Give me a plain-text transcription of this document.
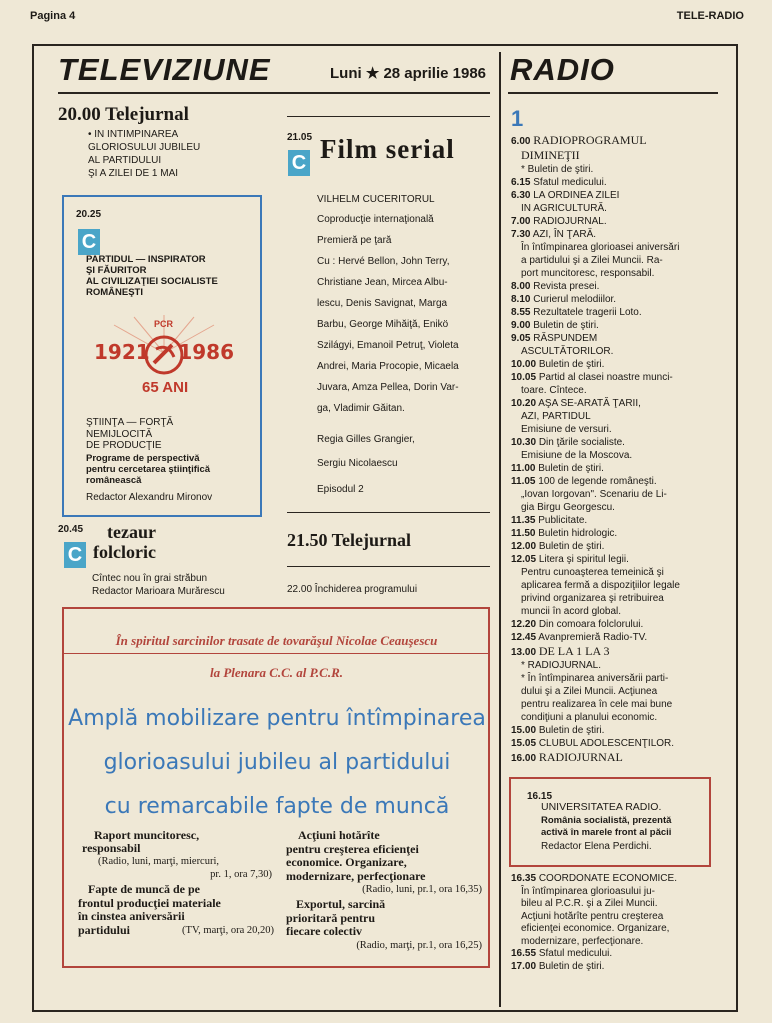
Pagina 4	TELE-RADIO
TELEVIZIUNE	Luni ★ 28 aprilie 1986
20.00 Telejurnal
• IN INTIMPINAREA
GLORIOSULUI JUBILEU
AL PARTIDULUI
ŞI A ZILEI DE 1 MAI
20.25
C
PARTIDUL — INSPIRATOR
ŞI FĂURITOR
AL CIVILIZAŢIEI SOCIALISTE
ROMÂNEŞTI
1921 1986
PCR
65 ANI
ŞTIINŢA — FORŢĂ
NEMIJLOCITĂ
DE PRODUCŢIE
Programe de perspectivă
pentru cercetarea ştiinţifică
românească
Redactor Alexandru Mironov
20.45
C
tezaur
folcloric
Cîntec nou în grai străbun
Redactor Marioara Murărescu
21.05
C Film serial
VILHELM CUCERITORUL
Coproducţie internaţională
Premieră pe ţară
Cu : Hervé Bellon, John Terry,
Christiane Jean, Mircea Albu-
lescu, Denis Savignat, Marga
Barbu, George Mihăiţă, Enikö
Szilágyi, Emanoil Petruţ, Violeta
Andrei, Maria Procopie, Micaela
Juvara, Amza Pellea, Dorin Var-
ga, Vladimir Găitan.
Regia Gilles Grangier,
Sergiu Nicolaescu
Episodul 2
21.50 Telejurnal
22.00 Închiderea programului
În spiritul sarcinilor trasate de tovarăşul Nicolae Ceauşescu
la Plenara C.C. al P.C.R.
Amplă mobilizare pentru întîmpinarea
glorioasului jubileu al partidului
cu remarcabile fapte de muncă
Raport muncitoresc,
responsabil
(Radio, luni, marţi, miercuri,
pr. 1, ora 7,30)
Fapte de muncă de pe
frontul producţiei materiale
în cinstea aniversării
partidului	(TV, marţi, ora 20,20)
Acţiuni hotărîte
pentru creşterea eficienţei
economice. Organizare,
modernizare, perfecţionare
(Radio, luni, pr.1, ora 16,35)
Exportul, sarcină
prioritară pentru
fiecare colectiv
(Radio, marţi, pr.1, ora 16,25)
RADIO
1
6.00 RADIOPROGRAMUL
DIMINEŢII
* Buletin de ştiri.
6.15 Sfatul medicului.
6.30 LA ORDINEA ZILEI
IN AGRICULTURĂ.
7.00 RADIOJURNAL.
7.30 AZI, ÎN ŢARĂ.
În întîmpinarea glorioasei aniversări
a partidului şi a Zilei Muncii. Ra-
port muncitoresc, responsabil.
8.00 Revista presei.
8.10 Curierul melodiilor.
8.55 Rezultatele tragerii Loto.
9.00 Buletin de ştiri.
9.05 RĂSPUNDEM
ASCULTĂTORILOR.
10.00 Buletin de ştiri.
10.05 Partid al clasei noastre munci-
toare. Cîntece.
10.20 AŞA SE-ARATĂ ŢARII,
AZI, PARTIDUL
Emisiune de versuri.
10.30 Din ţările socialiste.
Emisiune de la Moscova.
11.00 Buletin de ştiri.
11.05 100 de legende româneşti.
„Iovan Iorgovan". Scenariu de Li-
gia Birgu Georgescu.
11.35 Publicitate.
11.50 Buletin hidrologic.
12.00 Buletin de ştiri.
12.05 Litera şi spiritul legii.
Pentru cunoaşterea temeinică şi
aplicarea fermă a dispoziţiilor legale
privind organizarea şi retribuirea
muncii în acord global.
12.20 Din comoara folclorului.
12.45 Avanpremieră Radio-TV.
13.00 DE LA 1 LA 3
* RADIOJURNAL.
* În întîmpinarea aniversării parti-
dului şi a Zilei Muncii. Acţiunea
pentru realizarea în cele mai bune
condiţiuni a planului economic.
15.00 Buletin de ştiri.
15.05 CLUBUL ADOLESCENŢILOR.
16.00 RADIOJURNAL
16.15
UNIVERSITATEA RADIO.
România socialistă, prezentă
activă în marele front al păcii
Redactor Elena Perdichi.
16.35 COORDONATE ECONOMICE.
În întîmpinarea glorioasului ju-
bileu al P.C.R. şi a Zilei Muncii.
Acţiuni hotărîte pentru creşterea
eficienţei economice. Organizare,
modernizare, perfecţionare.
16.55 Sfatul medicului.
17.00 Buletin de ştiri.
